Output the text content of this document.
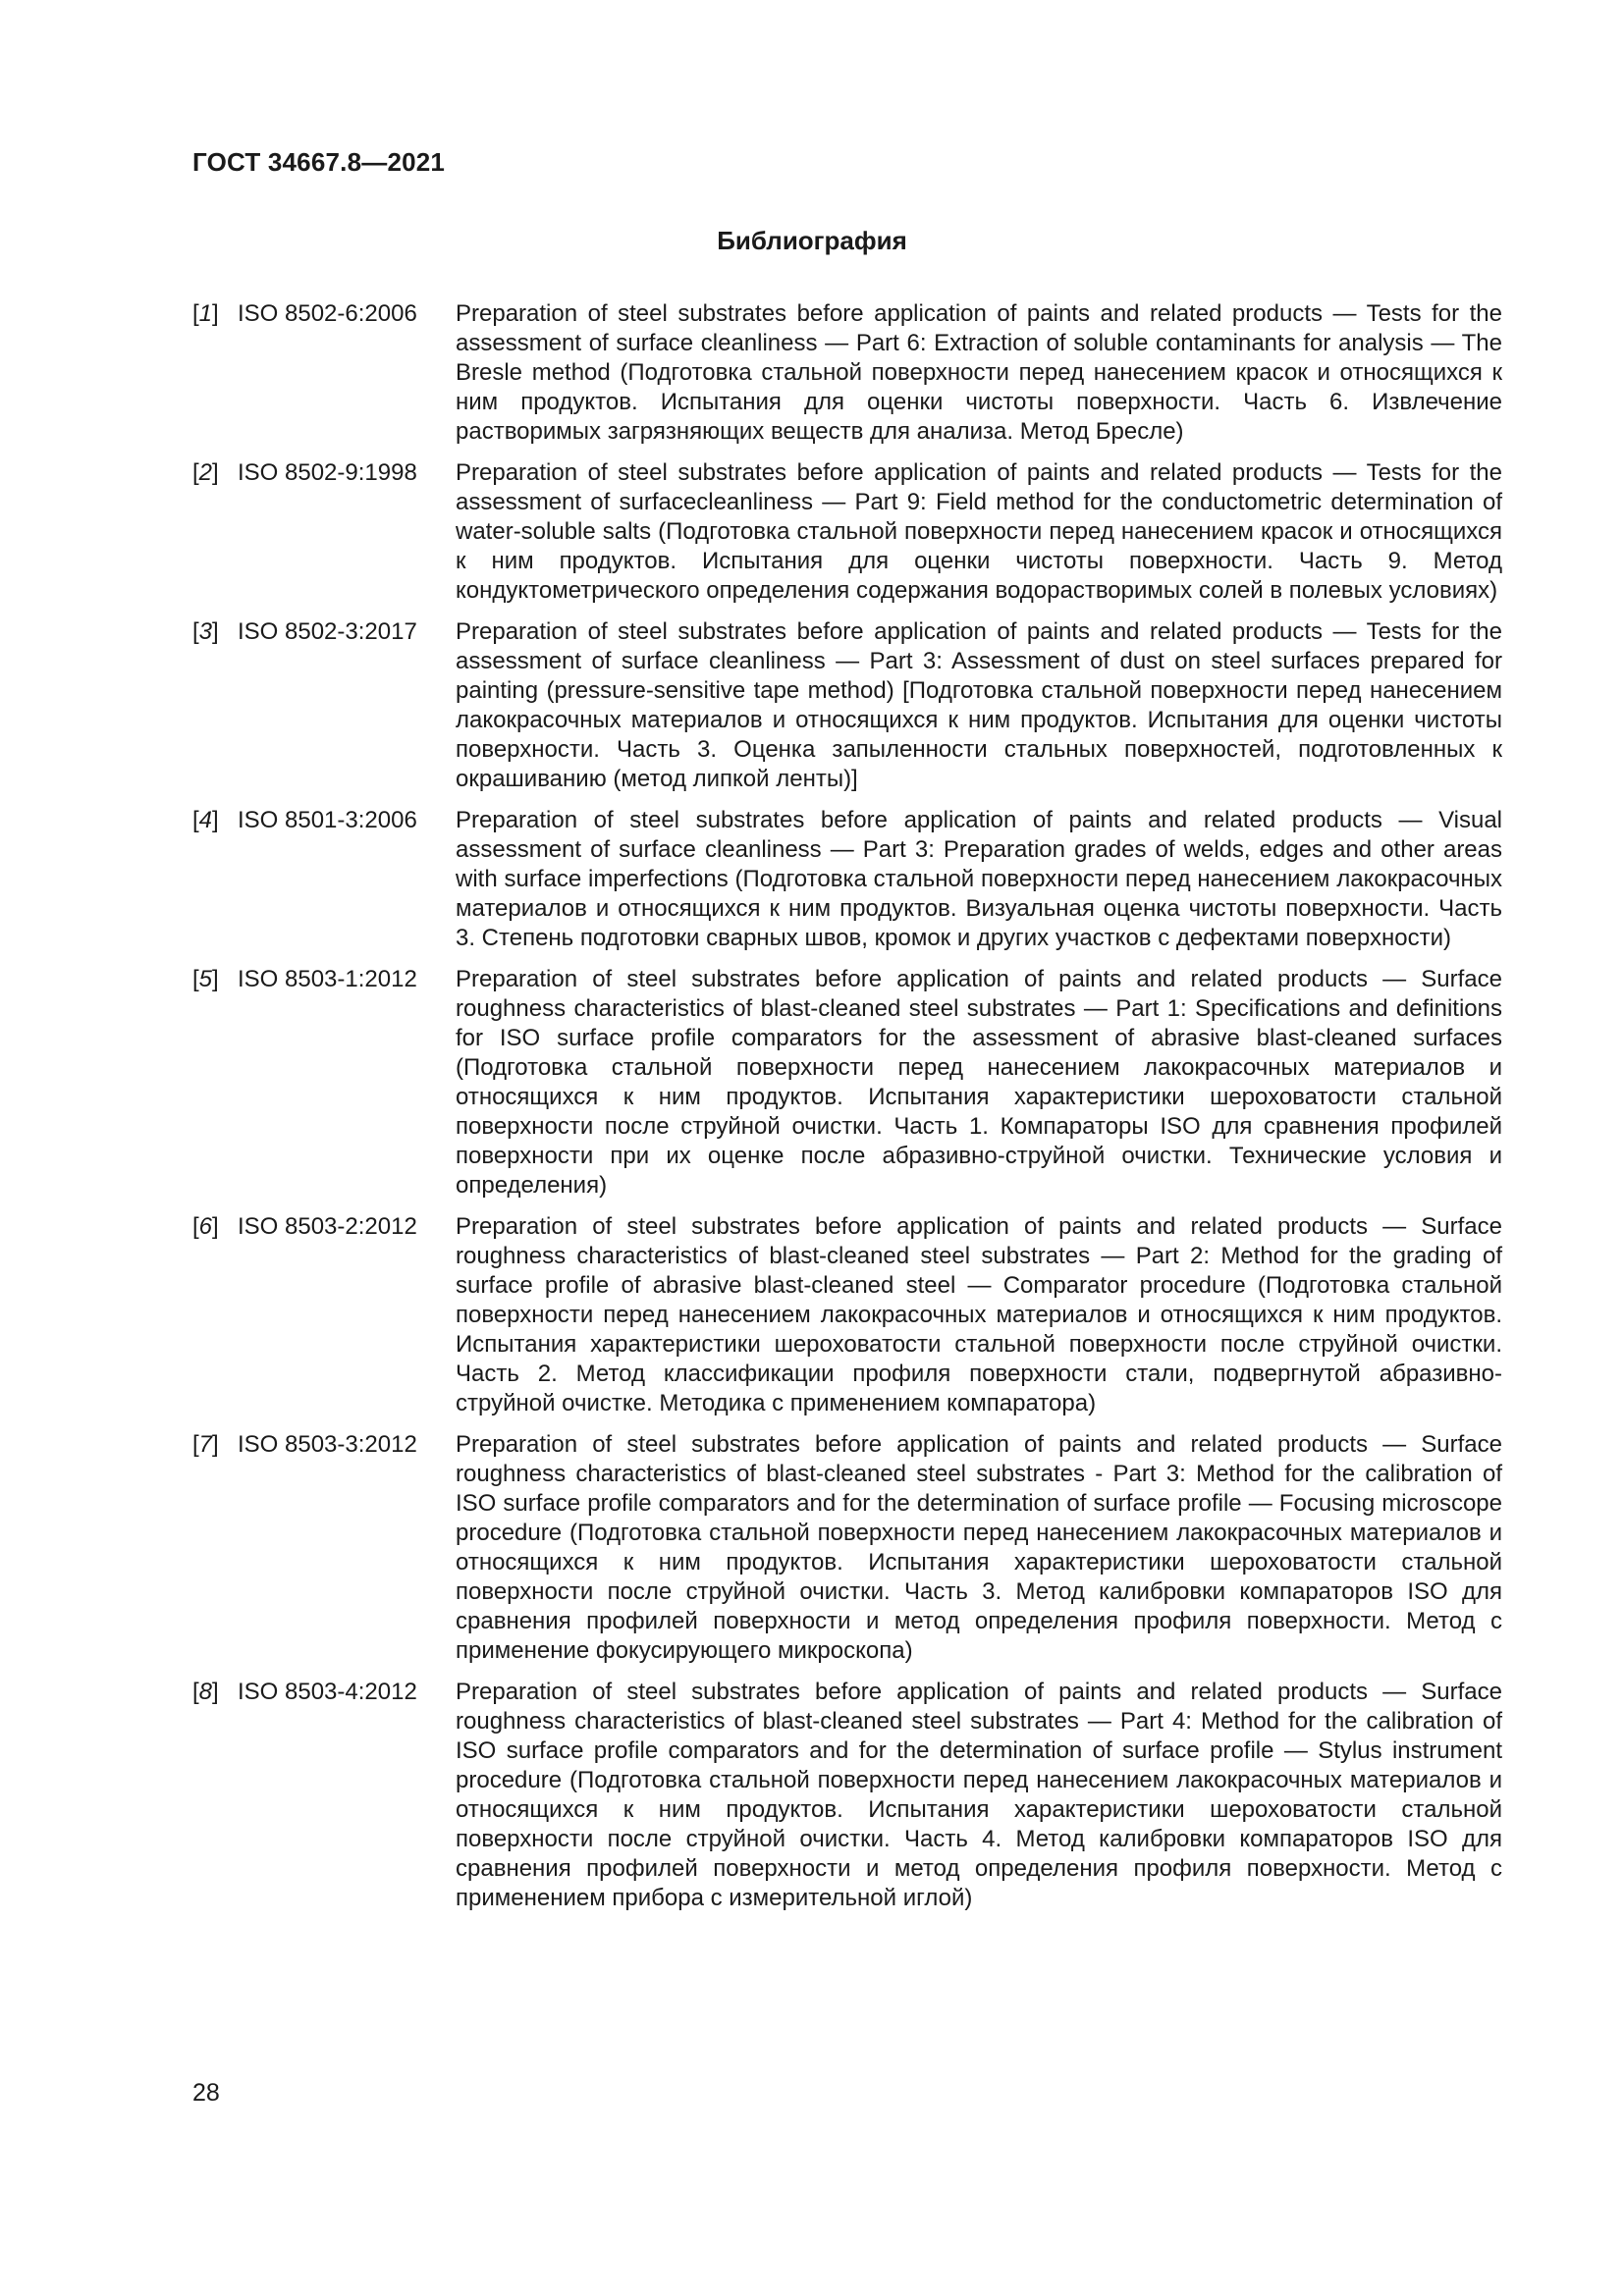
ГОСТ 34667.8—2021
Библиография
[1] ISO 8502-6:2006	Preparation of steel substrates before application of paints and related products — Tests for the assessment of surface cleanliness — Part 6: Extraction of soluble contaminants for analysis — The Bresle method (Подготовка стальной поверхности перед нанесением красок и относящихся к ним продуктов. Испытания для оценки чистоты поверхности. Часть 6. Извлечение растворимых загрязняющих веществ для анализа. Метод Бресле)
[2] ISO 8502-9:1998	Preparation of steel substrates before application of paints and related products — Tests for the assessment of surfacecleanliness — Part 9: Field method for the conductometric determination of water-soluble salts (Подготовка стальной поверхности перед нанесением красок и относящихся к ним продуктов. Испытания для оценки чистоты поверхности. Часть 9. Метод кондуктометрического определения содержания водорастворимых солей в полевых условиях)
[3] ISO 8502-3:2017	Preparation of steel substrates before application of paints and related products — Tests for the assessment of surface cleanliness — Part 3: Assessment of dust on steel surfaces prepared for painting (pressure-sensitive tape method) [Подготовка стальной поверхности перед нанесением лакокрасочных материалов и относящихся к ним продуктов. Испытания для оценки чистоты поверхности. Часть 3. Оценка запыленности стальных поверхностей, подготовленных к окрашиванию (метод липкой ленты)]
[4] ISO 8501-3:2006	Preparation of steel substrates before application of paints and related products — Visual assessment of surface cleanliness — Part 3: Preparation grades of welds, edges and other areas with surface imperfections (Подготовка стальной поверхности перед нанесением лакокрасочных материалов и относящихся к ним продуктов. Визуальная оценка чистоты поверхности. Часть 3. Степень подготовки сварных швов, кромок и других участков с дефектами поверхности)
[5] ISO 8503-1:2012	Preparation of steel substrates before application of paints and related products — Surface roughness characteristics of blast-cleaned steel substrates — Part 1: Specifications and definitions for ISO surface profile comparators for the assessment of abrasive blast-cleaned surfaces (Подготовка стальной поверхности перед нанесением лакокрасочных материалов и относящихся к ним продуктов. Испытания характеристики шероховатости стальной поверхности после струйной очистки. Часть 1. Компараторы ISO для сравнения профилей поверхности при их оценке после абразивно-струйной очистки. Технические условия и определения)
[6] ISO 8503-2:2012	Preparation of steel substrates before application of paints and related products — Surface roughness characteristics of blast-cleaned steel substrates — Part 2: Method for the grading of surface profile of abrasive blast-cleaned steel — Comparator procedure (Подготовка стальной поверхности перед нанесением лакокрасочных материалов и относящихся к ним продуктов. Испытания характеристики шероховатости стальной поверхности после струйной очистки. Часть 2. Метод классификации профиля поверхности стали, подвергнутой абразивно-струйной очистке. Методика с применением компаратора)
[7] ISO 8503-3:2012	Preparation of steel substrates before application of paints and related products — Surface roughness characteristics of blast-cleaned steel substrates - Part 3: Method for the calibration of ISO surface profile comparators and for the determination of surface profile — Focusing microscope procedure (Подготовка стальной поверхности перед нанесением лакокрасочных материалов и относящихся к ним продуктов. Испытания характеристики шероховатости стальной поверхности после струйной очистки. Часть 3. Метод калибровки компараторов ISO для сравнения профилей поверхности и метод определения профиля поверхности. Метод с применение фокусирующего микроскопа)
[8] ISO 8503-4:2012	Preparation of steel substrates before application of paints and related products — Surface roughness characteristics of blast-cleaned steel substrates — Part 4: Method for the calibration of ISO surface profile comparators and for the determination of surface profile — Stylus instrument procedure (Подготовка стальной поверхности перед нанесением лакокрасочных материалов и относящихся к ним продуктов. Испытания характеристики шероховатости стальной поверхности после струйной очистки. Часть 4. Метод калибровки компараторов ISO для сравнения профилей поверхности и метод определения профиля поверхности. Метод с применением прибора с измерительной иглой)
28
